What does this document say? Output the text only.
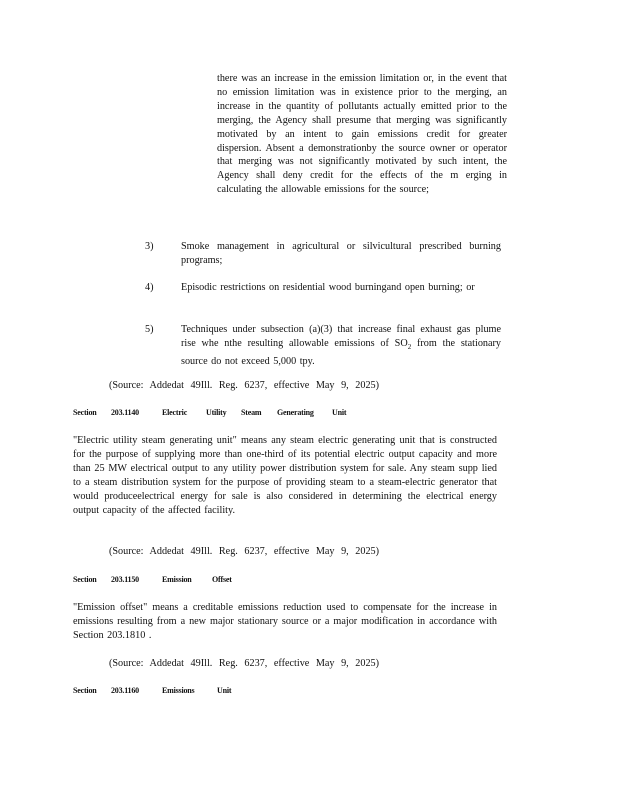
there was an increase in the emission limitation or, in the event that no emission limitation was in existence prior to the merging, an increase in the quantity of pollutants actually emitted prior to the merging, the Agency shall presume that merging was significantly motivated by an intent to gain emissions credit for greater dispersion. Absent a demonstrationby the source owner or operator that merging was not significantly motivated by such intent, the Agency shall deny credit for the effects of the m erging in calculating the allowable emissions for the source;
3)	Smoke management in agricultural or silvicultural prescribed burning programs;
4)	Episodic restrictions on residential wood burningand open burning; or
5)	Techniques under subsection (a)(3) that increase final exhaust gas plume rise whe nthe resulting allowable emissions of $SO_2$ from the stationary source do not exceed 5,000 tpy.
(Source: Addedat 49Ill. Reg. 6237, effective May 9, 2025)
Section	203.1140	Electric	Utility	Steam	Generating	Unit
"Electric utility steam generating unit" means any steam electric generating unit that is constructed for the purpose of supplying more than one-third of its potential electric output capacity and more than 25 MW electrical output to any utility power distribution system for sale. Any steam supp lied to a steam distribution system for the purpose of providing steam to a steam-electric generator that would produceelectrical energy for sale is also considered in determining the electrical energy output capacity of the affected facility.
(Source: Addedat 49Ill. Reg. 6237, effective May 9, 2025)
Section	203.1150	Emission	Offset
"Emission offset" means a creditable emissions reduction used to compensate for the increase in emissions resulting from a new major stationary source or a major modification in accordance with Section 203.1810 .
(Source: Addedat 49Ill. Reg. 6237, effective May 9, 2025)
Section	203.1160	Emissions	Unit
